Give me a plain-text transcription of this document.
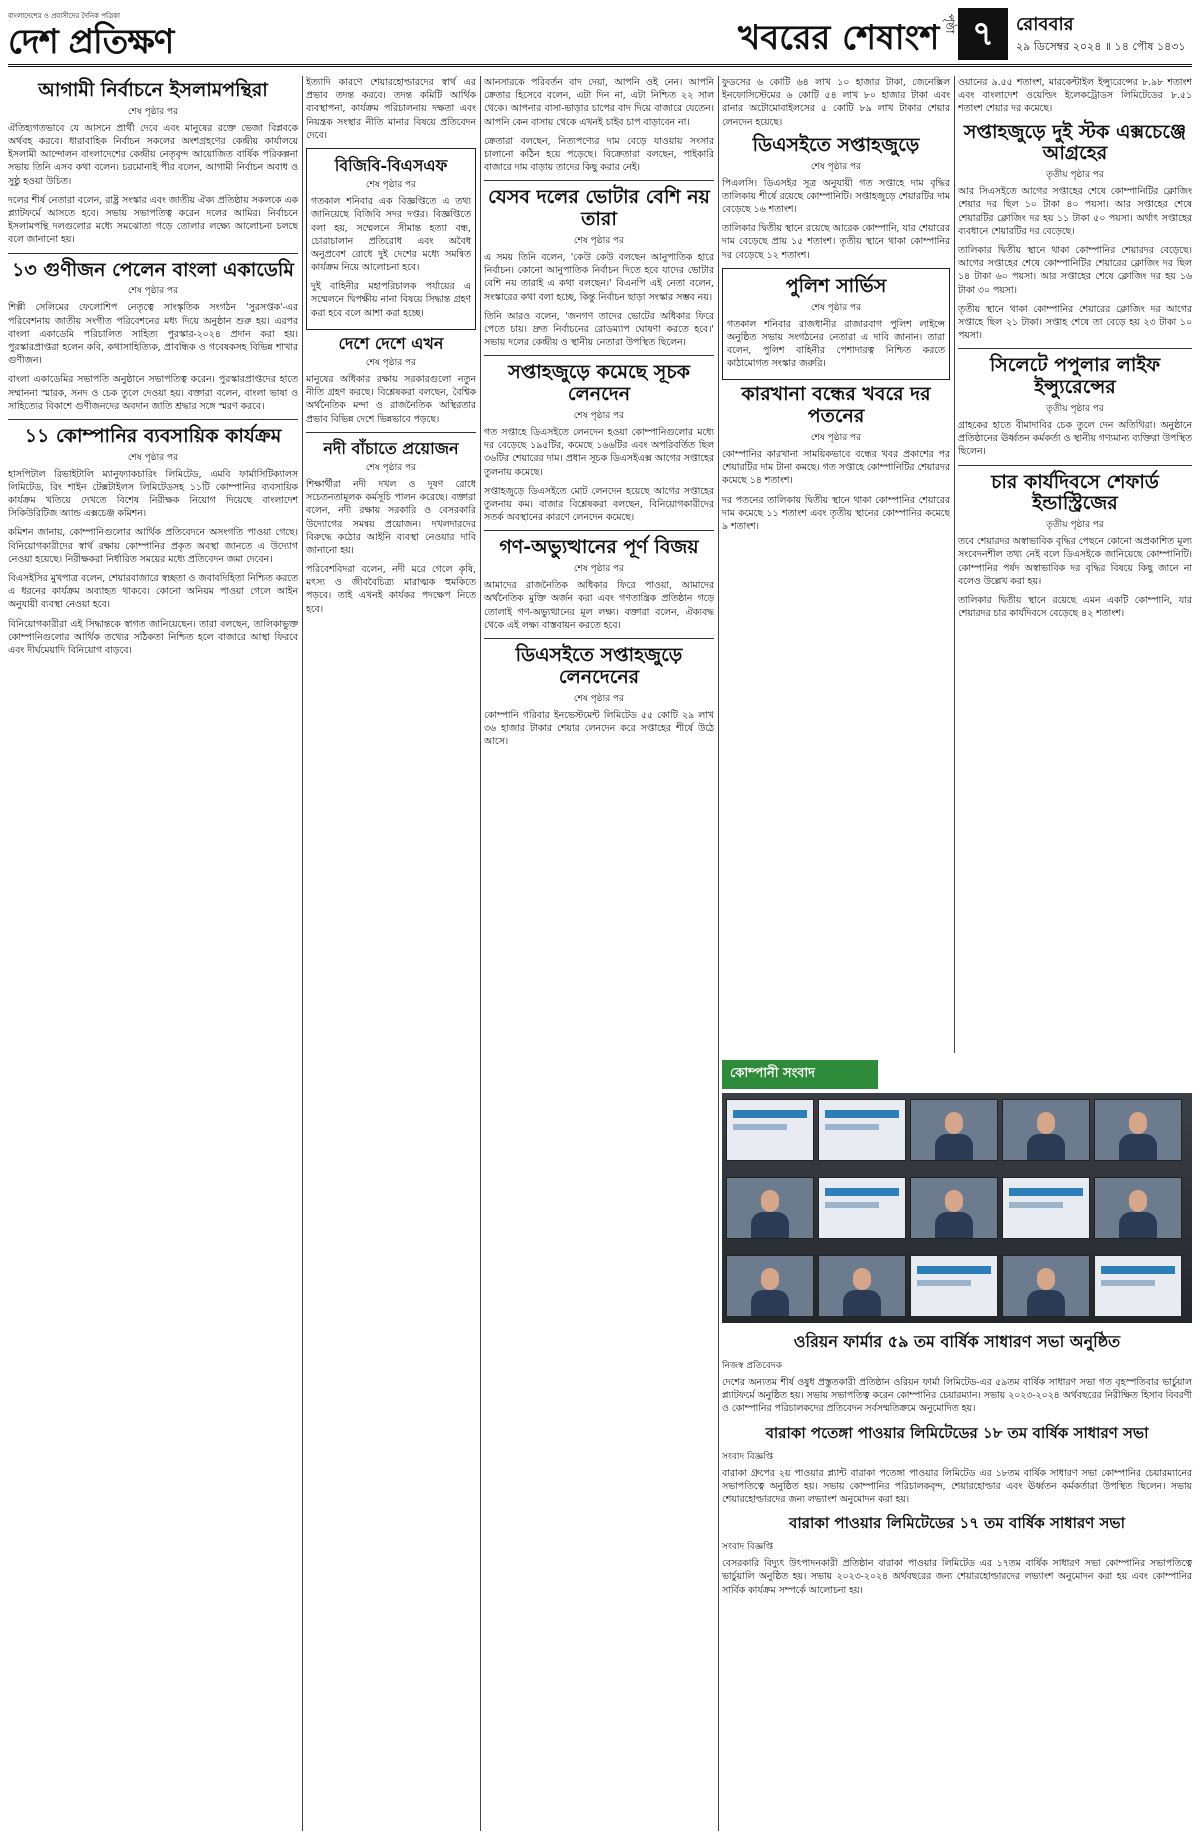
বাংলাদেশের ও প্রবাসীদের দৈনিক পত্রিকা
দেশ প্রতিক্ষণ	খবরের শেষাংশ পৃষ্ঠা ৭	রোববার
২৯ ডিসেম্বর ২০২৪ ॥ ১৪ পৌষ ১৪৩১
আগামী নির্বাচনে ইসলামপন্থিরা
শেষ পৃষ্ঠার পর

ঐতিহ্যগতভাবে যে আসনে প্রার্থী দেবে এবং মানুষের রক্তে ভেজা বিপ্লবকে অর্থবহ করবে। ধারাবাহিক নির্বাচন সকলের অংশগ্রহণের কেন্দ্রীয় কার্যালয়ে ইসলামী আন্দোলন বাংলাদেশের কেন্দ্রীয় নেতৃবৃন্দ আয়োজিত বার্ষিক পরিকল্পনা সভায় তিনি এসব কথা বলেন। চরমোনাই পীর বলেন, আগামী নির্বাচন অবাধ ও সুষ্ঠু হওয়া উচিত।

দলের শীর্ষ নেতারা বলেন, রাষ্ট্র সংস্কার এবং জাতীয় ঐক্য প্রতিষ্ঠায় সকলকে এক প্ল্যাটফর্মে আসতে হবে। সভায় সভাপতিত্ব করেন দলের আমির। নির্বাচনে ইসলামপন্থি দলগুলোর মধ্যে সমঝোতা গড়ে তোলার লক্ষ্যে আলোচনা চলছে বলে জানানো হয়।

১৩ গুণীজন পেলেন বাংলা একাডেমি
শেষ পৃষ্ঠার পর

শিল্পী সেলিমের ফেলোশিপ নেতৃত্বে সাংস্কৃতিক সংগঠন 'সুরসপ্তক'-এর পরিবেশনায় জাতীয় সংগীত পরিবেশনের মধ্য দিয়ে অনুষ্ঠান শুরু হয়। এরপর বাংলা একাডেমি পরিচালিত সাহিত্য পুরস্কার-২০২৪ প্রদান করা হয়। পুরস্কারপ্রাপ্তরা হলেন কবি, কথাসাহিত্যিক, প্রাবন্ধিক ও গবেষকসহ বিভিন্ন শাখার গুণীজন।

বাংলা একাডেমির সভাপতি অনুষ্ঠানে সভাপতিত্ব করেন। পুরস্কারপ্রাপ্তদের হাতে সম্মাননা স্মারক, সনদ ও চেক তুলে দেওয়া হয়। বক্তারা বলেন, বাংলা ভাষা ও সাহিত্যের বিকাশে গুণীজনদের অবদান জাতি শ্রদ্ধার সঙ্গে স্মরণ করবে।

১১ কোম্পানির ব্যবসায়িক কার্যক্রম
শেষ পৃষ্ঠার পর

হাসপিটাল রিভাইটালি ম্যানুফ্যাকচারিং লিমিটেড, এমবি ফার্মাসিটিক্যালস লিমিটেড, রিং শাইন টেক্সটাইলস লিমিটেডসহ ১১টি কোম্পানির ব্যবসায়িক কার্যক্রম খতিয়ে দেখতে বিশেষ নিরীক্ষক নিয়োগ দিয়েছে বাংলাদেশ সিকিউরিটিজ অ্যান্ড এক্সচেঞ্জ কমিশন।

কমিশন জানায়, কোম্পানিগুলোর আর্থিক প্রতিবেদনে অসংগতি পাওয়া গেছে। বিনিয়োগকারীদের স্বার্থ রক্ষায় কোম্পানির প্রকৃত অবস্থা জানতে এ উদ্যোগ নেওয়া হয়েছে। নিরীক্ষকরা নির্ধারিত সময়ের মধ্যে প্রতিবেদন জমা দেবেন।

বিএসইসির মুখপাত্র বলেন, শেয়ারবাজারে স্বচ্ছতা ও জবাবদিহিতা নিশ্চিত করতে এ ধরনের কার্যক্রম অব্যাহত থাকবে। কোনো অনিয়ম পাওয়া গেলে আইন অনুযায়ী ব্যবস্থা নেওয়া হবে।

বিনিয়োগকারীরা এই সিদ্ধান্তকে স্বাগত জানিয়েছেন। তারা বলছেন, তালিকাভুক্ত কোম্পানিগুলোর আর্থিক তথ্যের সঠিকতা নিশ্চিত হলে বাজারে আস্থা ফিরবে এবং দীর্ঘমেয়াদি বিনিয়োগ বাড়বে।

ইত্যাদি কারণে শেয়ারহোল্ডারদের স্বার্থ এর প্রভাব তদন্ত করবে। তদন্ত কমিটি আর্থিক ব্যবস্থাপনা, কার্যক্রম পরিচালনায় দক্ষতা এবং নিয়ন্ত্রক সংস্থার নীতি মানার বিষয়ে প্রতিবেদন দেবে।

বিজিবি-বিএসএফ
শেষ পৃষ্ঠার পর

গতকাল শনিবার এক বিজ্ঞপ্তিতে এ তথ্য জানিয়েছে বিজিবি সদর দপ্তর। বিজ্ঞপ্তিতে বলা হয়, সম্মেলনে সীমান্ত হত্যা বন্ধ, চোরাচালান প্রতিরোধ এবং অবৈধ অনুপ্রবেশ রোধে দুই দেশের মধ্যে সমন্বিত কার্যক্রম নিয়ে আলোচনা হবে।

দুই বাহিনীর মহাপরিচালক পর্যায়ের এ সম্মেলনে দ্বিপক্ষীয় নানা বিষয়ে সিদ্ধান্ত গ্রহণ করা হবে বলে আশা করা হচ্ছে।

দেশে দেশে এখন
শেষ পৃষ্ঠার পর

মানুষের অধিকার রক্ষায় সরকারগুলো নতুন নীতি গ্রহণ করছে। বিশ্লেষকরা বলছেন, বৈশ্বিক অর্থনৈতিক মন্দা ও রাজনৈতিক অস্থিরতার প্রভাব বিভিন্ন দেশে ভিন্নভাবে পড়ছে।

নদী বাঁচাতে প্রয়োজন
শেষ পৃষ্ঠার পর

শিক্ষার্থীরা নদী দখল ও দূষণ রোধে সচেতনতামূলক কর্মসূচি পালন করেছে। বক্তারা বলেন, নদী রক্ষায় সরকারি ও বেসরকারি উদ্যোগের সমন্বয় প্রয়োজন। দখলদারদের বিরুদ্ধে কঠোর আইনি ব্যবস্থা নেওয়ার দাবি জানানো হয়।

পরিবেশবিদরা বলেন, নদী মরে গেলে কৃষি, মৎস্য ও জীববৈচিত্র্য মারাত্মক হুমকিতে পড়বে। তাই এখনই কার্যকর পদক্ষেপ নিতে হবে।

আনসারকে পরিবর্তন বাদ দেয়া, আপনি ওই নেন। আপনি ক্রেতার হিসেবে বলেন, এটা দিন না, এটা নিশ্চিত ২২ সাল থেকে। আপনার বাসা-ভাড়ার চাপের বাদ দিয়ে বাজারে যেতেন। আপনি কেন বাসায় থেকে এখনই চাইব চাপ বাড়াবেন না।

ক্রেতারা বলছেন, নিত্যপণ্যের দাম বেড়ে যাওয়ায় সংসার চালানো কঠিন হয়ে পড়েছে। বিক্রেতারা বলছেন, পাইকারি বাজারে দাম বাড়ায় তাদের কিছু করার নেই।

যেসব দলের ভোটার বেশি নয় তারা
শেষ পৃষ্ঠার পর

এ সময় তিনি বলেন, 'কেউ কেউ বলছেন আনুপাতিক হারে নির্বাচন। কোনো আনুপাতিক নির্বাচন দিতে হবে যাদের ভোটার বেশি নয় তারাই এ কথা বলছেন।' বিএনপি এই নেতা বলেন, সংস্কারের কথা বলা হচ্ছে, কিন্তু নির্বাচন ছাড়া সংস্কার সম্ভব নয়।

তিনি আরও বলেন, 'জনগণ তাদের ভোটের অধিকার ফিরে পেতে চায়। দ্রুত নির্বাচনের রোডম্যাপ ঘোষণা করতে হবে।' সভায় দলের কেন্দ্রীয় ও স্থানীয় নেতারা উপস্থিত ছিলেন।

সপ্তাহজুড়ে কমেছে সূচক লেনদেন
শেষ পৃষ্ঠার পর

গত সপ্তাহে ডিএসইতে লেনদেন হওয়া কোম্পানিগুলোর মধ্যে দর বেড়েছে ১৯৫টির, কমেছে ১৬৬টির এবং অপরিবর্তিত ছিল ৩৬টির শেয়ারের দাম। প্রধান সূচক ডিএসইএক্স আগের সপ্তাহের তুলনায় কমেছে।

সপ্তাহজুড়ে ডিএসইতে মোট লেনদেন হয়েছে আগের সপ্তাহের তুলনায় কম। বাজার বিশ্লেষকরা বলছেন, বিনিয়োগকারীদের সতর্ক অবস্থানের কারণে লেনদেন কমেছে।

গণ-অভ্যুত্থানের পূর্ণ বিজয়
শেষ পৃষ্ঠার পর

আমাদের রাজনৈতিক অধিকার ফিরে পাওয়া, আমাদের অর্থনৈতিক মুক্তি অর্জন করা এবং গণতান্ত্রিক প্রতিষ্ঠান গড়ে তোলাই গণ-অভ্যুত্থানের মূল লক্ষ্য। বক্তারা বলেন, ঐক্যবদ্ধ থেকে এই লক্ষ্য বাস্তবায়ন করতে হবে।

ডিএসইতে সপ্তাহজুড়ে লেনদেনের
শেষ পৃষ্ঠার পর

কোম্পানি গরিবার ইনভেস্টমেন্ট লিমিটেড ৫৫ কোটি ২৯ লাখ ৩৬ হাজার টাকার শেয়ার লেনদেন করে সপ্তাহের শীর্ষে উঠে আসে।

ফুডসের ৬ কোটি ৬৪ লাখ ১০ হাজার টাকা, জেনেক্সিল ইনফোসিস্টেমের ৬ কোটি ৫৪ লাখ ৮০ হাজার টাকা এবং রানার অটোমোবাইলসের ৫ কোটি ৮৯ লাখ টাকার শেয়ার লেনদেন হয়েছে।

ডিএসইতে সপ্তাহজুড়ে
শেষ পৃষ্ঠার পর

পিএলসি। ডিএসইর সূত্র অনুযায়ী গত সপ্তাহে দাম বৃদ্ধির তালিকায় শীর্ষে রয়েছে কোম্পানিটি। সপ্তাহজুড়ে শেয়ারটির দাম বেড়েছে ১৬ শতাংশ।

তালিকার দ্বিতীয় স্থানে রয়েছে আরেক কোম্পানি, যার শেয়ারের দাম বেড়েছে প্রায় ১৫ শতাংশ। তৃতীয় স্থানে থাকা কোম্পানির দর বেড়েছে ১২ শতাংশ।

পুলিশ সার্ভিস
শেষ পৃষ্ঠার পর

গতকাল শনিবার রাজধানীর রাজারবাগ পুলিশ লাইন্সে অনুষ্ঠিত সভায় সংগঠনের নেতারা এ দাবি জানান। তারা বলেন, পুলিশ বাহিনীর পেশাদারত্ব নিশ্চিত করতে কাঠামোগত সংস্কার জরুরি।

কারখানা বন্ধের খবরে দর পতনের
শেষ পৃষ্ঠার পর

কোম্পানির কারখানা সাময়িকভাবে বন্ধের খবর প্রকাশের পর শেয়ারটির দাম টানা কমছে। গত সপ্তাহে কোম্পানিটির শেয়ারদর কমেছে ১৪ শতাংশ।

দর পতনের তালিকায় দ্বিতীয় স্থানে থাকা কোম্পানির শেয়ারের দাম কমেছে ১১ শতাংশ এবং তৃতীয় স্থানের কোম্পানির কমেছে ৯ শতাংশ।

ওয়ানের ৯.৫৫ শতাংশ, মারকেন্টাইল ইন্স্যুরেন্সের ৮.৯৮ শতাংশ এবং বাংলাদেশ ওয়েল্ডিং ইলেকট্রোডস লিমিটেডের ৮.৫১ শতাংশ শেয়ার দর কমেছে।

সপ্তাহজুড়ে দুই স্টক এক্সচেঞ্জে আগ্রহের
তৃতীয় পৃষ্ঠার পর

আর সিএসইতে আগের সপ্তাহের শেষে কোম্পানিটির ক্লোজিং শেয়ার দর ছিল ১০ টাকা ৪০ পয়সা। আর সপ্তাহের শেষে শেয়ারটির ক্লোজিং দর হয় ১১ টাকা ৫০ পয়সা। অর্থাৎ সপ্তাহের ব্যবধানে শেয়ারটির দর বেড়েছে।

তালিকার দ্বিতীয় স্থানে থাকা কোম্পানির শেয়ারদর বেড়েছে। আগের সপ্তাহের শেষে কোম্পানিটির শেয়ারের ক্লোজিং দর ছিল ১৪ টাকা ৬০ পয়সা। আর সপ্তাহের শেষে ক্লোজিং দর হয় ১৬ টাকা ৩০ পয়সা।

তৃতীয় স্থানে থাকা কোম্পানির শেয়ারের ক্লোজিং দর আগের সপ্তাহে ছিল ২১ টাকা। সপ্তাহ শেষে তা বেড়ে হয় ২৩ টাকা ১০ পয়সা।

সিলেটে পপুলার লাইফ ইন্স্যুরেন্সের
তৃতীয় পৃষ্ঠার পর

গ্রাহকের হাতে বীমাদাবির চেক তুলে দেন অতিথিরা। অনুষ্ঠানে প্রতিষ্ঠানের ঊর্ধ্বতন কর্মকর্তা ও স্থানীয় গণ্যমান্য ব্যক্তিরা উপস্থিত ছিলেন।

চার কার্যদিবসে শেফার্ড ইন্ডাস্ট্রিজের
তৃতীয় পৃষ্ঠার পর

তবে শেয়ারদর অস্বাভাবিক বৃদ্ধির পেছনে কোনো অপ্রকাশিত মূল্য সংবেদনশীল তথ্য নেই বলে ডিএসইকে জানিয়েছে কোম্পানিটি। কোম্পানির পর্ষদ অস্বাভাবিক দর বৃদ্ধির বিষয়ে কিছু জানে না বলেও উল্লেখ করা হয়।

তালিকার দ্বিতীয় স্থানে রয়েছে এমন একটি কোম্পানি, যার শেয়ারদর চার কার্যদিবসে বেড়েছে ৪২ শতাংশ।

কোম্পানী সংবাদ
ওরিয়ন ফার্মার ৫৯ তম বার্ষিক সাধারণ সভা অনুষ্ঠিত
নিজস্ব প্রতিবেদক

দেশের অন্যতম শীর্ষ ওষুধ প্রস্তুতকারী প্রতিষ্ঠান ওরিয়ন ফার্মা লিমিটেড-এর ৫৯তম বার্ষিক সাধারণ সভা গত বৃহস্পতিবার ভার্চুয়াল প্ল্যাটফর্মে অনুষ্ঠিত হয়। সভায় সভাপতিত্ব করেন কোম্পানির চেয়ারম্যান। সভায় ২০২৩-২০২৪ অর্থবছরের নিরীক্ষিত হিসাব বিবরণী ও কোম্পানির পরিচালকদের প্রতিবেদন সর্বসম্মতিক্রমে অনুমোদিত হয়।

বারাকা পতেঙ্গা পাওয়ার লিমিটেডের ১৮ তম বার্ষিক সাধারণ সভা
সংবাদ বিজ্ঞপ্তি

বারাকা গ্রুপের ২য় পাওয়ার প্ল্যান্ট বারাকা পতেঙ্গা পাওয়ার লিমিটেড এর ১৮তম বার্ষিক সাধারণ সভা কোম্পানির চেয়ারম্যানের সভাপতিত্বে অনুষ্ঠিত হয়। সভায় কোম্পানির পরিচালকবৃন্দ, শেয়ারহোল্ডার এবং ঊর্ধ্বতন কর্মকর্তারা উপস্থিত ছিলেন। সভায় শেয়ারহোল্ডারদের জন্য লভ্যাংশ অনুমোদন করা হয়।

বারাকা পাওয়ার লিমিটেডের ১৭ তম বার্ষিক সাধারণ সভা
সংবাদ বিজ্ঞপ্তি

বেসরকারি বিদ্যুৎ উৎপাদনকারী প্রতিষ্ঠান বারাকা পাওয়ার লিমিটেড এর ১৭তম বার্ষিক সাধারণ সভা কোম্পানির সভাপতিত্বে ভার্চুয়ালি অনুষ্ঠিত হয়। সভায় ২০২৩-২০২৪ অর্থবছরের জন্য শেয়ারহোল্ডারদের লভ্যাংশ অনুমোদন করা হয় এবং কোম্পানির সার্বিক কার্যক্রম সম্পর্কে আলোচনা হয়।
